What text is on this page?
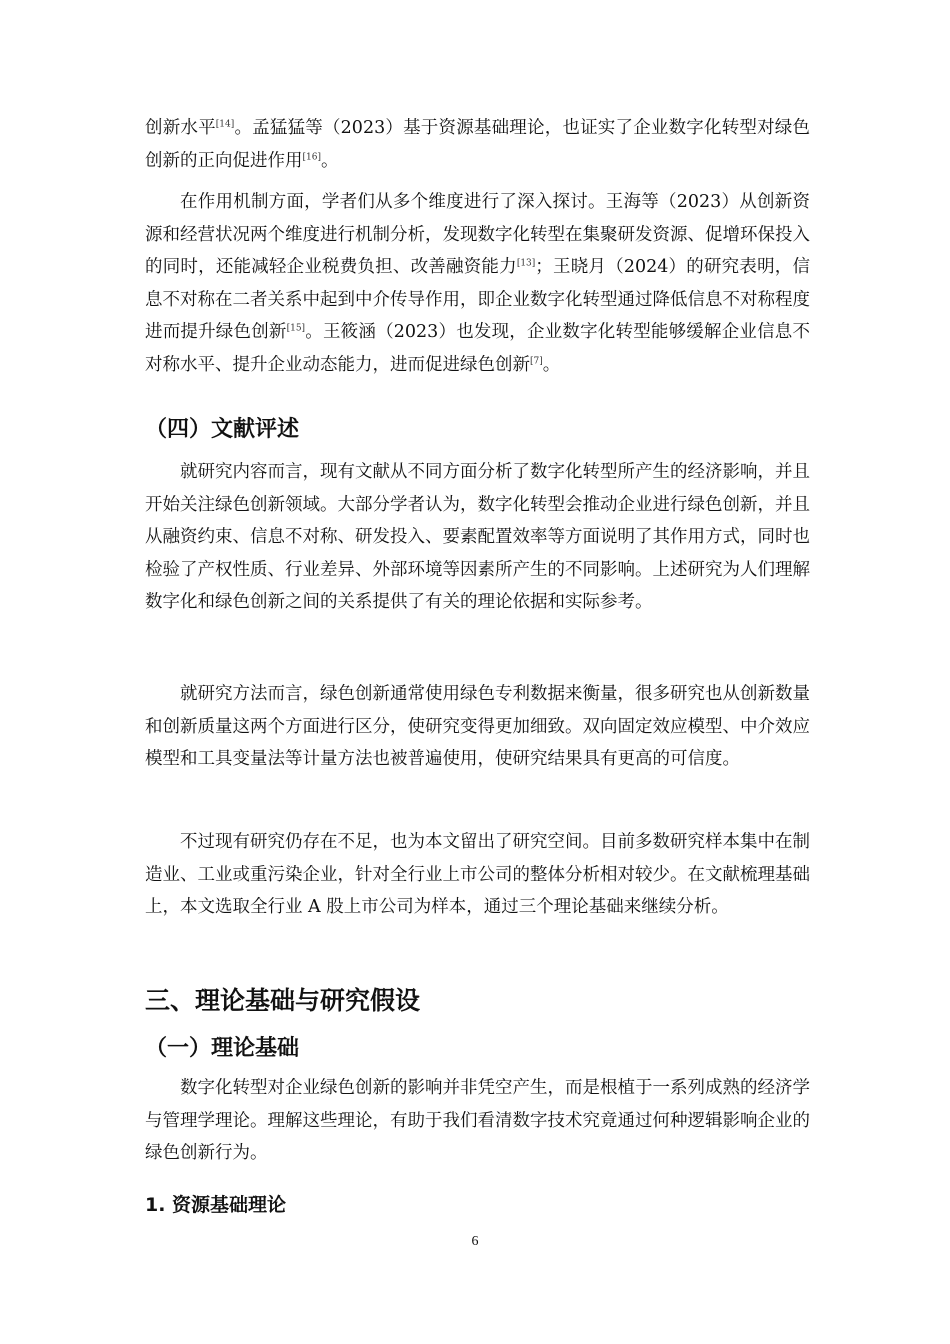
创新水平[14]。孟猛猛等（2023）基于资源基础理论，也证实了企业数字化转型对绿色创新的正向促进作用[16]。

在作用机制方面，学者们从多个维度进行了深入探讨。王海等（2023）从创新资源和经营状况两个维度进行机制分析，发现数字化转型在集聚研发资源、促增环保投入的同时，还能减轻企业税费负担、改善融资能力[13]；王晓月（2024）的研究表明，信息不对称在二者关系中起到中介传导作用，即企业数字化转型通过降低信息不对称程度进而提升绿色创新[15]。王筱涵（2023）也发现，企业数字化转型能够缓解企业信息不对称水平、提升企业动态能力，进而促进绿色创新[7]。

（四）文献评述

就研究内容而言，现有文献从不同方面分析了数字化转型所产生的经济影响，并且开始关注绿色创新领域。大部分学者认为，数字化转型会推动企业进行绿色创新，并且从融资约束、信息不对称、研发投入、要素配置效率等方面说明了其作用方式，同时也检验了产权性质、行业差异、外部环境等因素所产生的不同影响。上述研究为人们理解数字化和绿色创新之间的关系提供了有关的理论依据和实际参考。

就研究方法而言，绿色创新通常使用绿色专利数据来衡量，很多研究也从创新数量和创新质量这两个方面进行区分，使研究变得更加细致。双向固定效应模型、中介效应模型和工具变量法等计量方法也被普遍使用，使研究结果具有更高的可信度。

不过现有研究仍存在不足，也为本文留出了研究空间。目前多数研究样本集中在制造业、工业或重污染企业，针对全行业上市公司的整体分析相对较少。在文献梳理基础上，本文选取全行业 A 股上市公司为样本，通过三个理论基础来继续分析。

三、理论基础与研究假设
（一）理论基础

数字化转型对企业绿色创新的影响并非凭空产生，而是根植于一系列成熟的经济学与管理学理论。理解这些理论，有助于我们看清数字技术究竟通过何种逻辑影响企业的绿色创新行为。

1. 资源基础理论
6
